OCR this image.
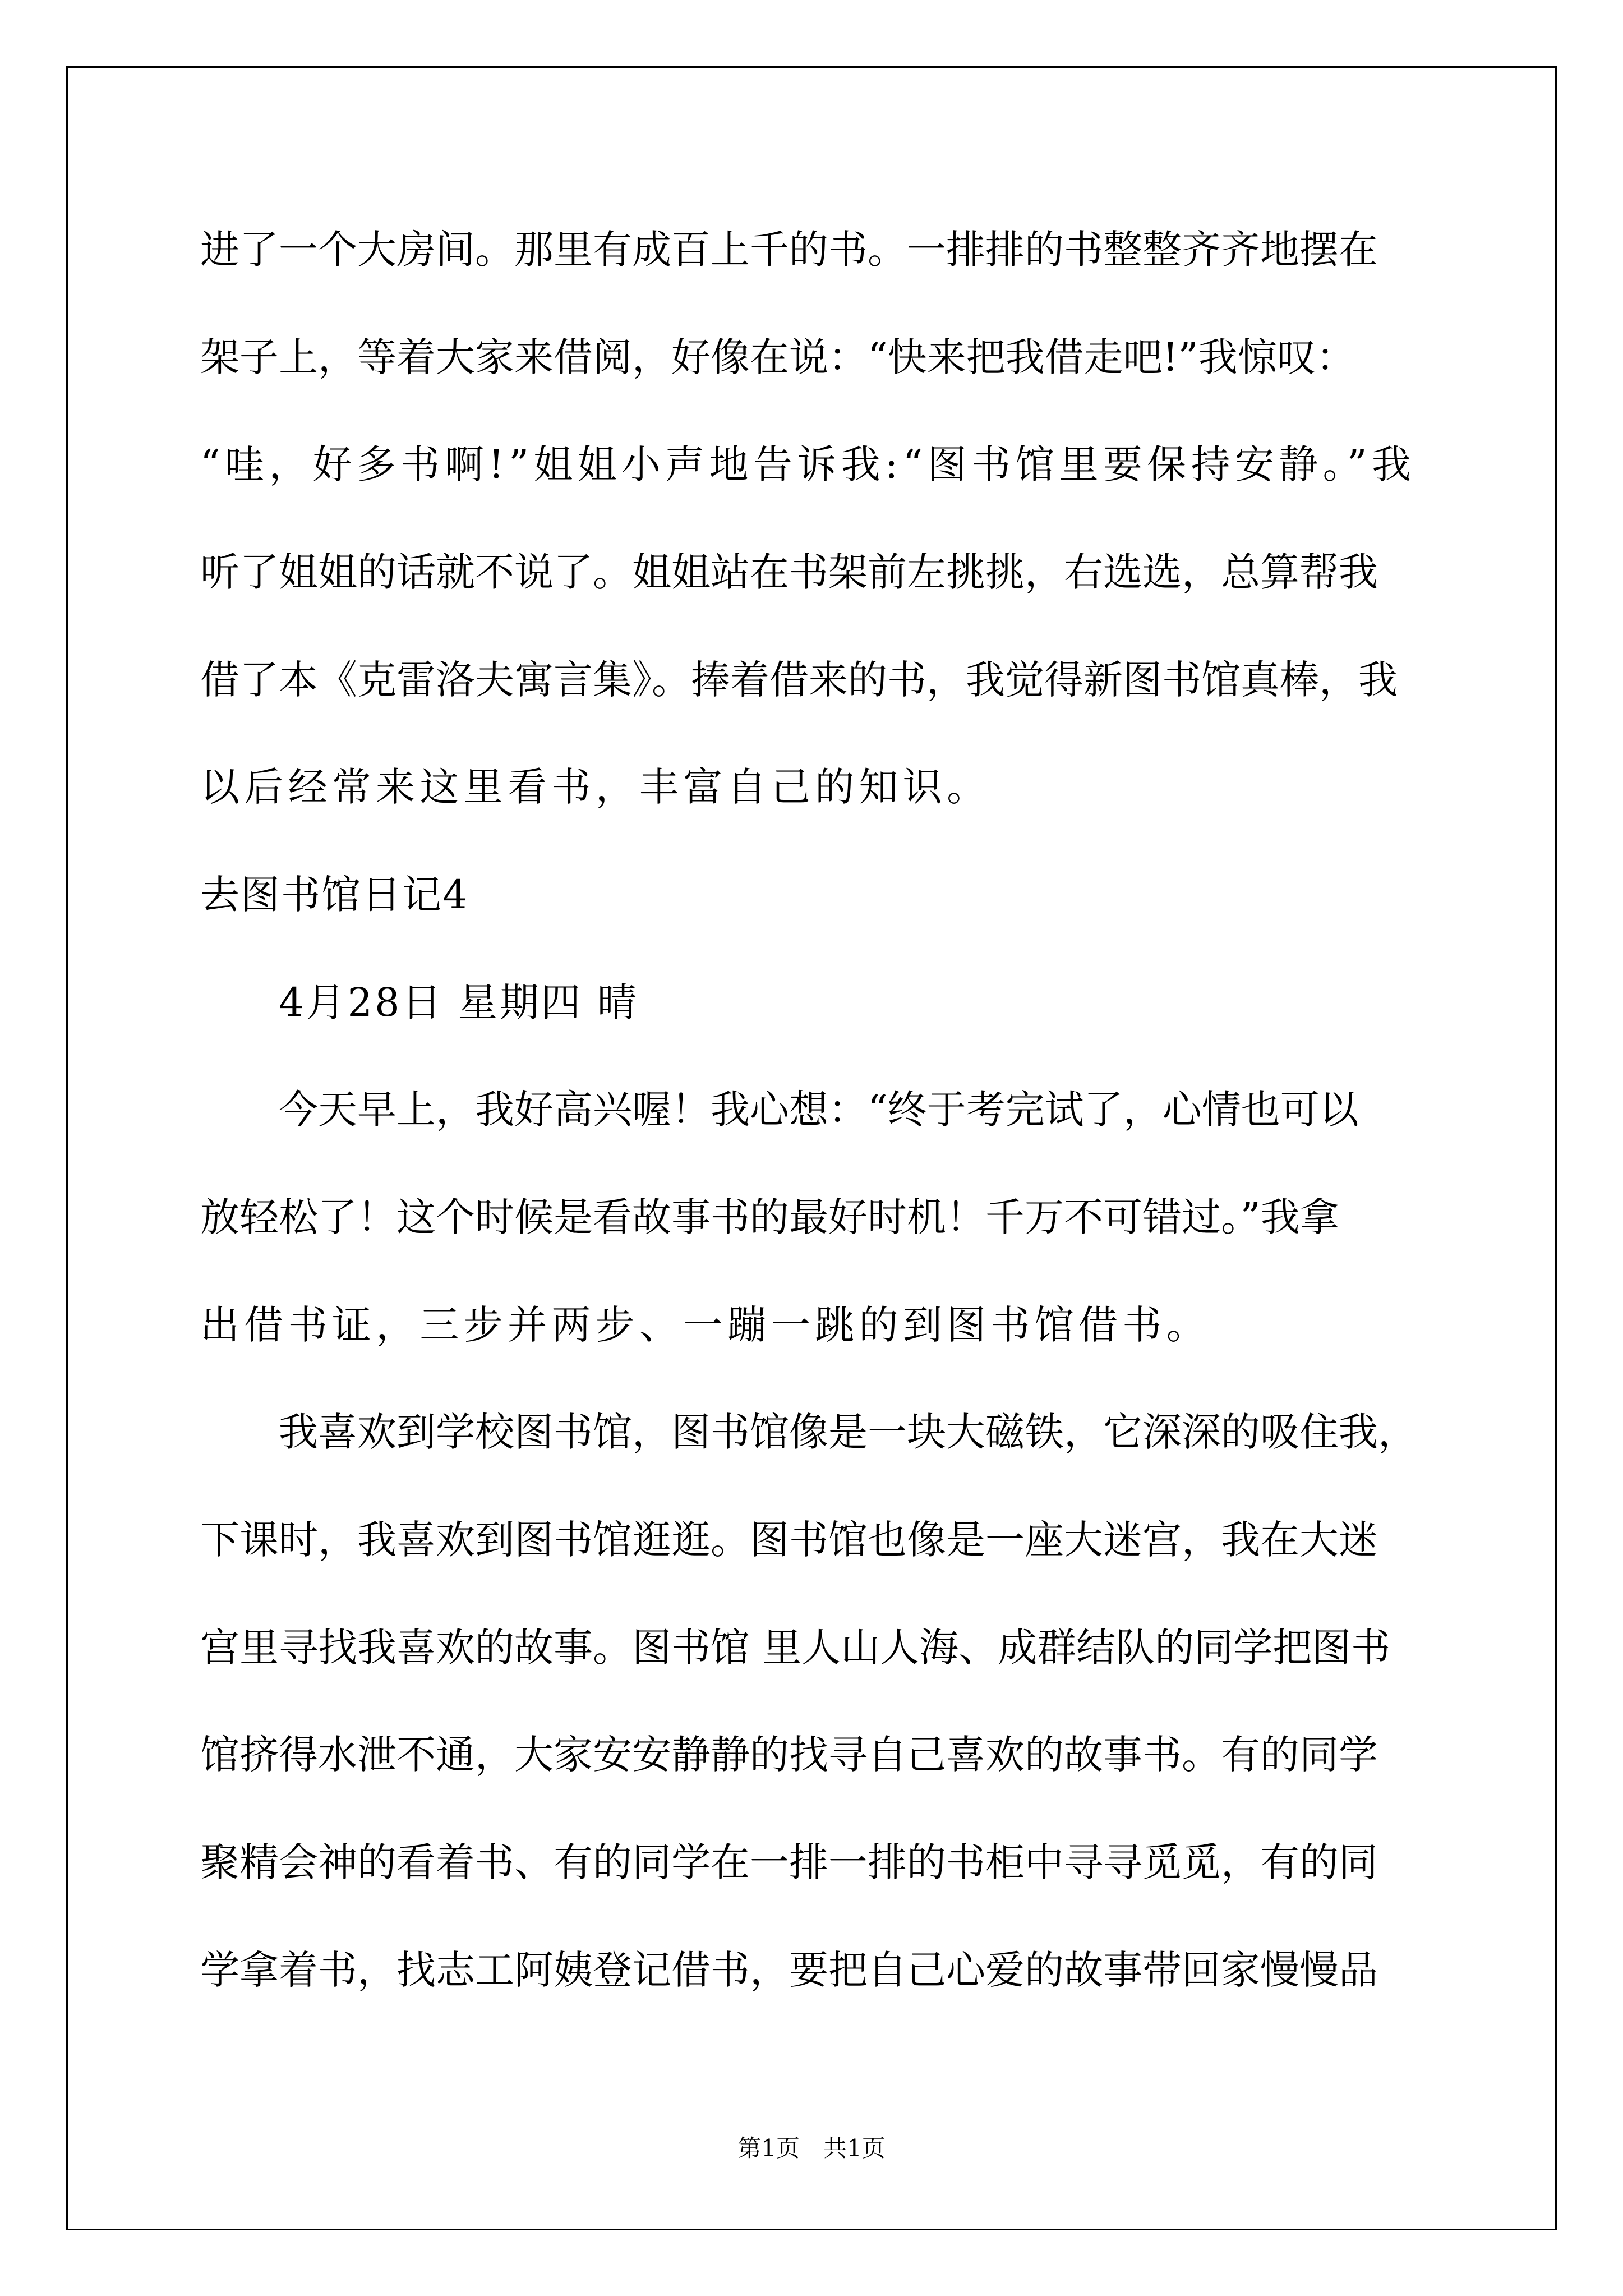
进了一个大房间。那里有成百上千的书。一排排的书整整齐齐地摆在
架子上，等着大家来借阅，好像在说：“快来把我借走吧!”我惊叹：
“哇，好多书啊!”姐姐小声地告诉我:“图书馆里要保持安静。”我
听了姐姐的话就不说了。姐姐站在书架前左挑挑，右选选，总算帮我
借了本《克雷洛夫寓言集》。捧着借来的书，我觉得新图书馆真棒，我
以后经常来这里看书，丰富自己的知识。
去图书馆日记4
4月28日 星期四 晴
今天早上，我好高兴喔！我心想：“终于考完试了，心情也可以
放轻松了！这个时候是看故事书的最好时机！千万不可错过。”我拿
出借书证，三步并两步、一蹦一跳的到图书馆借书。
我喜欢到学校图书馆，图书馆像是一块大磁铁，它深深的吸住我，
下课时，我喜欢到图书馆逛逛。图书馆也像是一座大迷宫，我在大迷
宫里寻找我喜欢的故事。图书馆 里人山人海、成群结队的同学把图书
馆挤得水泄不通，大家安安静静的找寻自己喜欢的故事书。有的同学
聚精会神的看着书、有的同学在一排一排的书柜中寻寻觅觅，有的同
学拿着书，找志工阿姨登记借书，要把自己心爱的故事带回家慢慢品
第1页　共1页
